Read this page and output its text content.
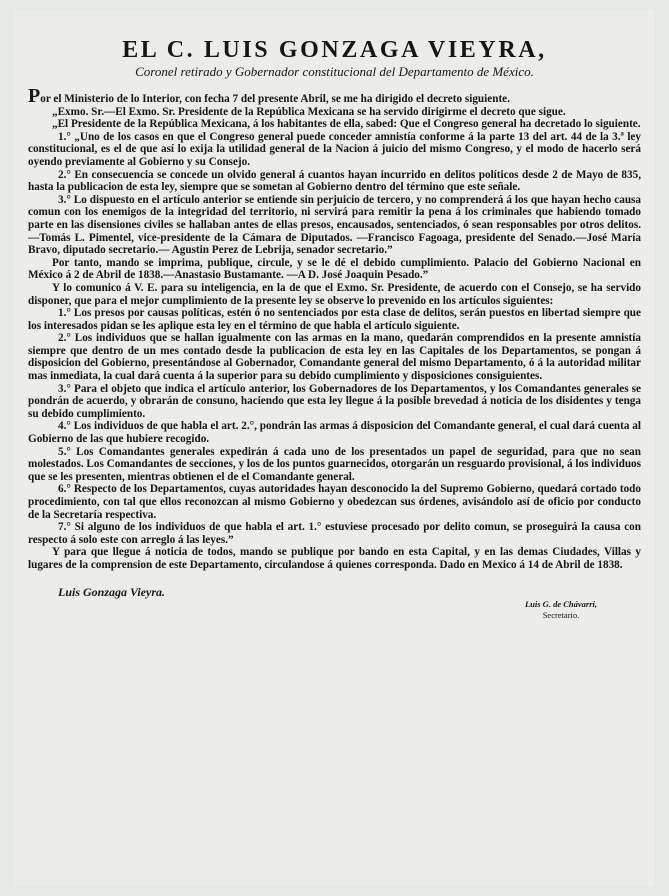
EL C. LUIS GONZAGA VIEYRA,
Coronel retirado y Gobernador constitucional del Departamento de México.

Por el Ministerio de lo Interior, con fecha 7 del presente Abril, se me ha dirigido el decreto siguiente.

„Exmo. Sr.—El Exmo. Sr. Presidente de la República Mexicana se ha servido dirigirme el decreto que sigue.

„El Presidente de la República Mexicana, á los habitantes de ella, sabed: Que el Congreso general ha decretado lo siguiente.

1.° „Uno de los casos en que el Congreso general puede conceder amnistía conforme á la parte 13 del art. 44 de la 3.ª ley constitucional, es el de que así lo exija la utilidad general de la Nacion á juicio del mismo Congreso, y el modo de hacerlo será oyendo previamente al Gobierno y su Consejo.

2.° En consecuencia se concede un olvido general á cuantos hayan incurrido en delitos políticos desde 2 de Mayo de 835, hasta la publicacion de esta ley, siempre que se sometan al Gobierno dentro del término que este señale.

3.° Lo dispuesto en el artículo anterior se entiende sin perjuicio de tercero, y no comprenderá á los que hayan hecho causa comun con los enemigos de la integridad del territorio, ni servirá para remitir la pena á los criminales que habiendo tomado parte en las disensiones civiles se hallaban antes de ellas presos, encausados, sentenciados, ó sean responsables por otros delitos.—Tomás L. Pimentel, vice-presidente de la Cámara de Diputados. —Francisco Fagoaga, presidente del Senado.—José María Bravo, diputado secretario.— Agustin Perez de Lebrija, senador secretario.”

Por tanto, mando se imprima, publique, circule, y se le dé el debido cumplimiento. Palacio del Gobierno Nacional en México á 2 de Abril de 1838.—Anastasio Bustamante. —A D. José Joaquin Pesado.”

Y lo comunico á V. E. para su inteligencia, en la de que el Exmo. Sr. Presidente, de acuerdo con el Consejo, se ha servido disponer, que para el mejor cumplimiento de la presente ley se observe lo prevenido en los artículos siguientes:

1.° Los presos por causas políticas, estén ó no sentenciados por esta clase de delitos, serán puestos en libertad siempre que los interesados pidan se les aplique esta ley en el término de que habla el artículo siguiente.

2.° Los individuos que se hallan igualmente con las armas en la mano, quedarán comprendidos en la presente amnistía siempre que dentro de un mes contado desde la publicacion de esta ley en las Capitales de los Departamentos, se pongan á disposicion del Gobierno, presentándose al Gobernador, Comandante general del mismo Departamento, ó á la autoridad militar mas inmediata, la cual dará cuenta á la superior para su debido cumplimiento y disposiciones consiguientes.

3.° Para el objeto que indica el artículo anterior, los Gobernadores de los Departamentos, y los Comandantes generales se pondrán de acuerdo, y obrarán de consuno, haciendo que esta ley llegue á la posible brevedad á noticia de los disidentes y tenga su debido cumplimiento.

4.° Los individuos de que habla el art. 2.°, pondrán las armas á disposicion del Comandante general, el cual dará cuenta al Gobierno de las que hubiere recogido.

5.° Los Comandantes generales expedirán á cada uno de los presentados un papel de seguridad, para que no sean molestados. Los Comandantes de secciones, y los de los puntos guarnecidos, otorgarán un resguardo provisional, á los individuos que se les presenten, mientras obtienen el de el Comandante general.

6.° Respecto de los Departamentos, cuyas autoridades hayan desconocido la del Supremo Gobierno, quedará cortado todo procedimiento, con tal que ellos reconozcan al mismo Gobierno y obedezcan sus órdenes, avisándolo así de oficio por conducto de la Secretaría respectiva.

7.° Si alguno de los individuos de que habla el art. 1.° estuviese procesado por delito comun, se proseguirá la causa con respecto á solo este con arreglo á las leyes.”

Y para que llegue á noticia de todos, mando se publique por bando en esta Capital, y en las demas Ciudades, Villas y lugares de la comprension de este Departamento, circulandose á quienes corresponda. Dado en Mexico á 14 de Abril de 1838.

Luis Gonzaga Vieyra.
Luis G. de Chávarri,
Secretario.
